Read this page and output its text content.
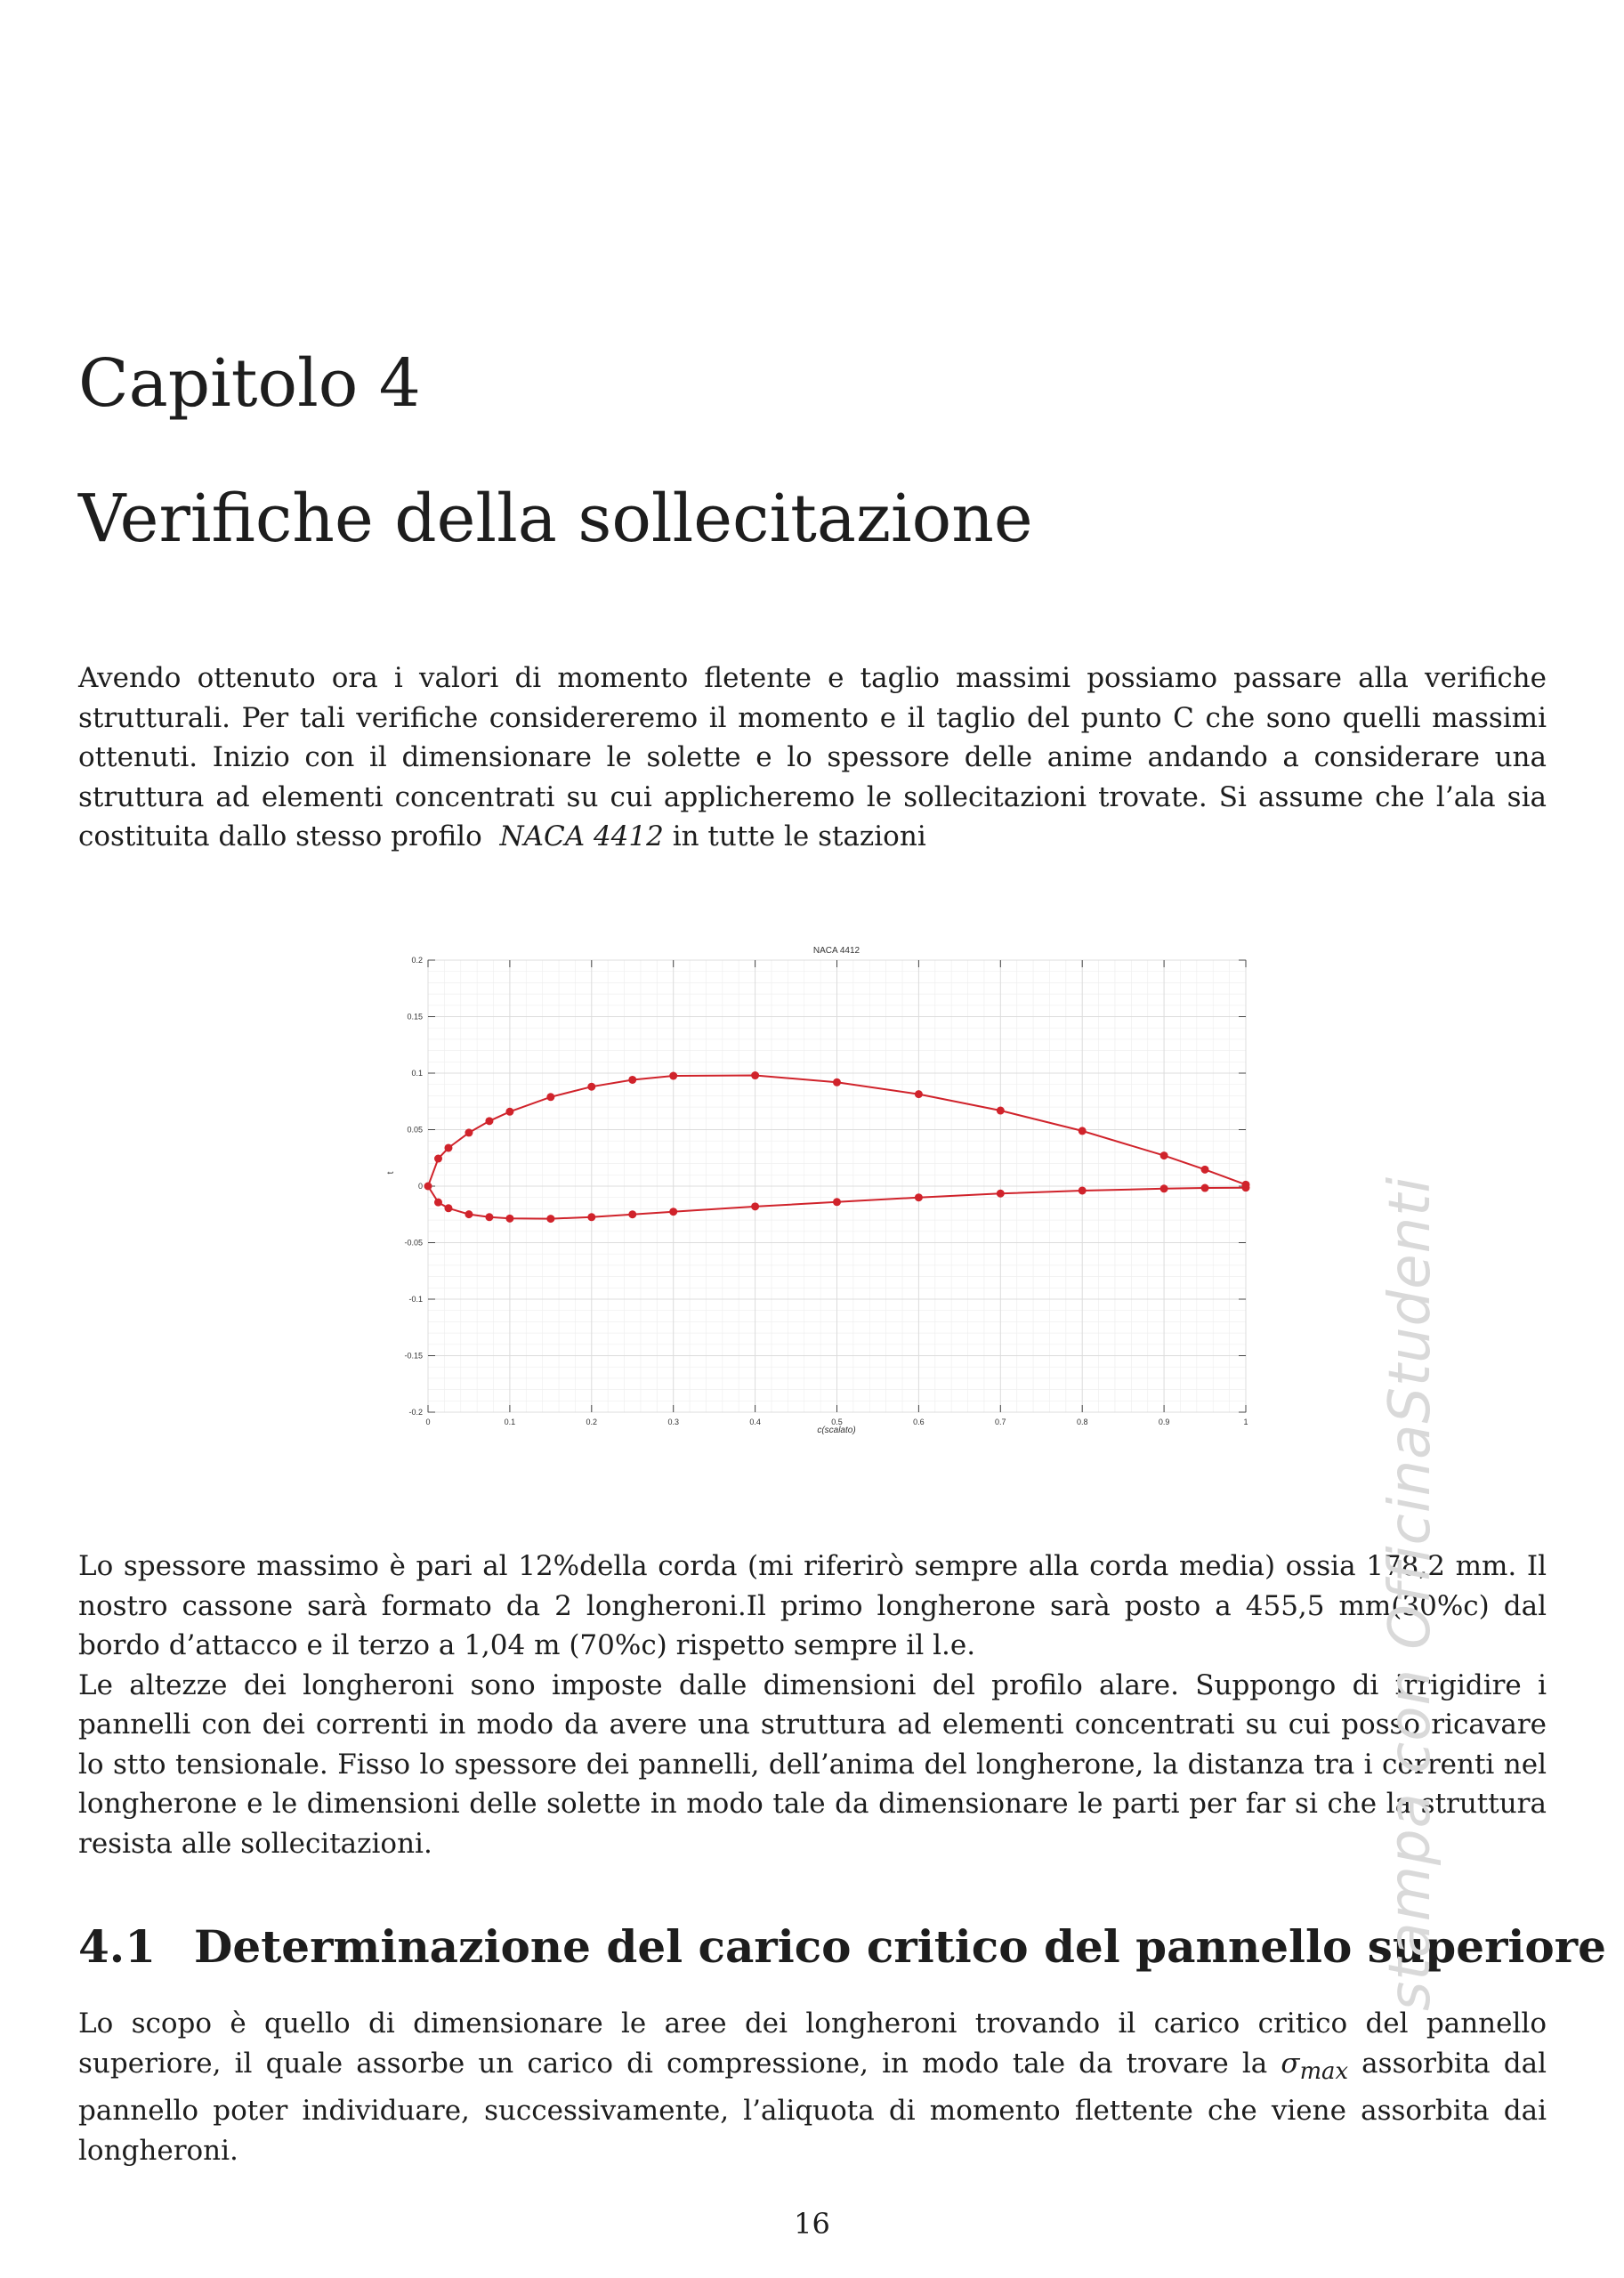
Capitolo 4
Verifiche della sollecitazione

Avendo ottenuto ora i valori di momento fletente e taglio massimi possiamo passare alla verifiche strutturali. Per tali verifiche considereremo il momento e il taglio del punto C che sono quelli massimi ottenuti. Inizio con il dimensionare le solette e lo spessore delle anime andando a considerare una struttura ad elementi concentrati su cui applicheremo le sollecitazioni trovate. Si assume che l’ala sia costituita dallo stesso profilo NACA 4412 in tutte le stazioni

0	0.1	0.2	0.3	0.4	0.5	0.6	0.7	0.8	0.9	1
0.2
0.15
0.1
0.05
0
-0.05
-0.1
-0.15
-0.2
NACA 4412
c(scalato)
t

Lo spessore massimo è pari al 12%della corda (mi riferirò sempre alla corda media) ossia 178,2 mm. Il nostro cassone sarà formato da 2 longheroni.Il primo longherone sarà posto a 455,5 mm(30%c) dal bordo d’attacco e il terzo a 1,04 m (70%c) rispetto sempre il l.e.
Le altezze dei longheroni sono imposte dalle dimensioni del profilo alare. Suppongo di irrigidire i pannelli con dei correnti in modo da avere una struttura ad elementi concentrati su cui posso ricavare lo stto tensionale. Fisso lo spessore dei pannelli, dell’anima del longherone, la distanza tra i correnti nel longherone e le dimensioni delle solette in modo tale da dimensionare le parti per far si che la struttura resista alle sollecitazioni.

4.1 Determinazione del carico critico del pannello superiore

Lo scopo è quello di dimensionare le aree dei longheroni trovando il carico critico del pannello superiore, il quale assorbe un carico di compressione, in modo tale da trovare la $\sigma_{max}$ assorbita dal pannello poter individuare, successivamente, l’aliquota di momento flettente che viene assorbita dai longheroni.

16
stampa con OfficinaStudenti
